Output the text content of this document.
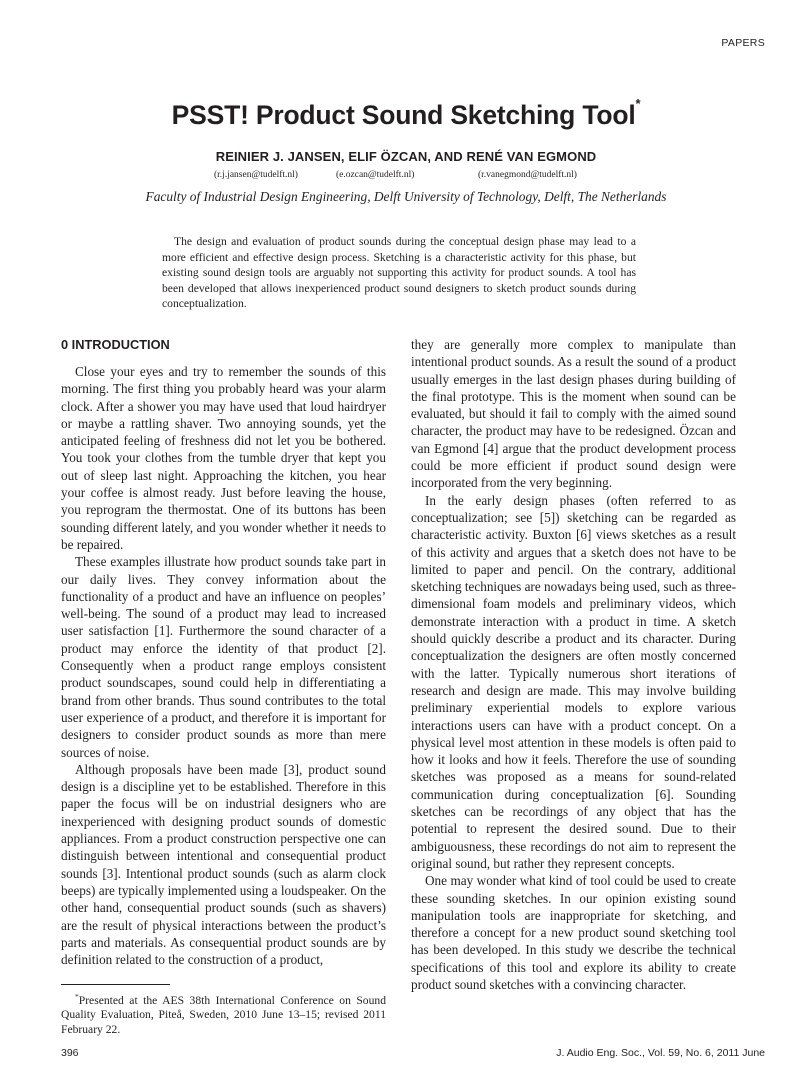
PAPERS
PSST! Product Sound Sketching Tool*
REINIER J. JANSEN, ELIF ÖZCAN, AND RENÉ VAN EGMOND
(r.j.jansen@tudelft.nl)	(e.ozcan@tudelft.nl)	(r.vanegmond@tudelft.nl)
Faculty of Industrial Design Engineering, Delft University of Technology, Delft, The Netherlands
The design and evaluation of product sounds during the conceptual design phase may lead to a more efficient and effective design process. Sketching is a characteristic activity for this phase, but existing sound design tools are arguably not supporting this activity for product sounds. A tool has been developed that allows inexperienced product sound designers to sketch product sounds during conceptualization.
0 INTRODUCTION

Close your eyes and try to remember the sounds of this morning. The first thing you probably heard was your alarm clock. After a shower you may have used that loud hairdryer or maybe a rattling shaver. Two annoying sounds, yet the anticipated feeling of freshness did not let you be bothered. You took your clothes from the tumble dryer that kept you out of sleep last night. Approaching the kitchen, you hear your coffee is almost ready. Just before leaving the house, you reprogram the thermostat. One of its buttons has been sounding different lately, and you wonder whether it needs to be repaired.

These examples illustrate how product sounds take part in our daily lives. They convey information about the functionality of a product and have an influence on peoples’ well-being. The sound of a product may lead to increased user satisfaction [1]. Furthermore the sound character of a product may enforce the identity of that product [2]. Consequently when a product range employs consistent product soundscapes, sound could help in differentiating a brand from other brands. Thus sound contributes to the total user experience of a product, and therefore it is important for designers to consider product sounds as more than mere sources of noise.

Although proposals have been made [3], product sound design is a discipline yet to be established. Therefore in this paper the focus will be on industrial designers who are inexperienced with designing product sounds of domestic appliances. From a product construction perspective one can distinguish between intentional and consequential product sounds [3]. Intentional product sounds (such as alarm clock beeps) are typically implemented using a loudspeaker. On the other hand, consequential product sounds (such as shavers) are the result of physical interactions between the product’s parts and materials. As consequential product sounds are by definition related to the construction of a product,

they are generally more complex to manipulate than intentional product sounds. As a result the sound of a product usually emerges in the last design phases during building of the final prototype. This is the moment when sound can be evaluated, but should it fail to comply with the aimed sound character, the product may have to be redesigned. Özcan and van Egmond [4] argue that the product development process could be more efficient if product sound design were incorporated from the very beginning.

In the early design phases (often referred to as conceptualization; see [5]) sketching can be regarded as characteristic activity. Buxton [6] views sketches as a result of this activity and argues that a sketch does not have to be limited to paper and pencil. On the contrary, additional sketching techniques are nowadays being used, such as three-dimensional foam models and preliminary videos, which demonstrate interaction with a product in time. A sketch should quickly describe a product and its character. During conceptualization the designers are often mostly concerned with the latter. Typically numerous short iterations of research and design are made. This may involve building preliminary experiential models to explore various interactions users can have with a product concept. On a physical level most attention in these models is often paid to how it looks and how it feels. Therefore the use of sounding sketches was proposed as a means for sound-related communication during conceptualization [6]. Sounding sketches can be recordings of any object that has the potential to represent the desired sound. Due to their ambiguousness, these recordings do not aim to represent the original sound, but rather they represent concepts.

One may wonder what kind of tool could be used to create these sounding sketches. In our opinion existing sound manipulation tools are inappropriate for sketching, and therefore a concept for a new product sound sketching tool has been developed. In this study we describe the technical specifications of this tool and explore its ability to create product sound sketches with a convincing character.

*Presented at the AES 38th International Conference on Sound Quality Evaluation, Piteå, Sweden, 2010 June 13–15; revised 2011 February 22.
396	J. Audio Eng. Soc., Vol. 59, No. 6, 2011 June
